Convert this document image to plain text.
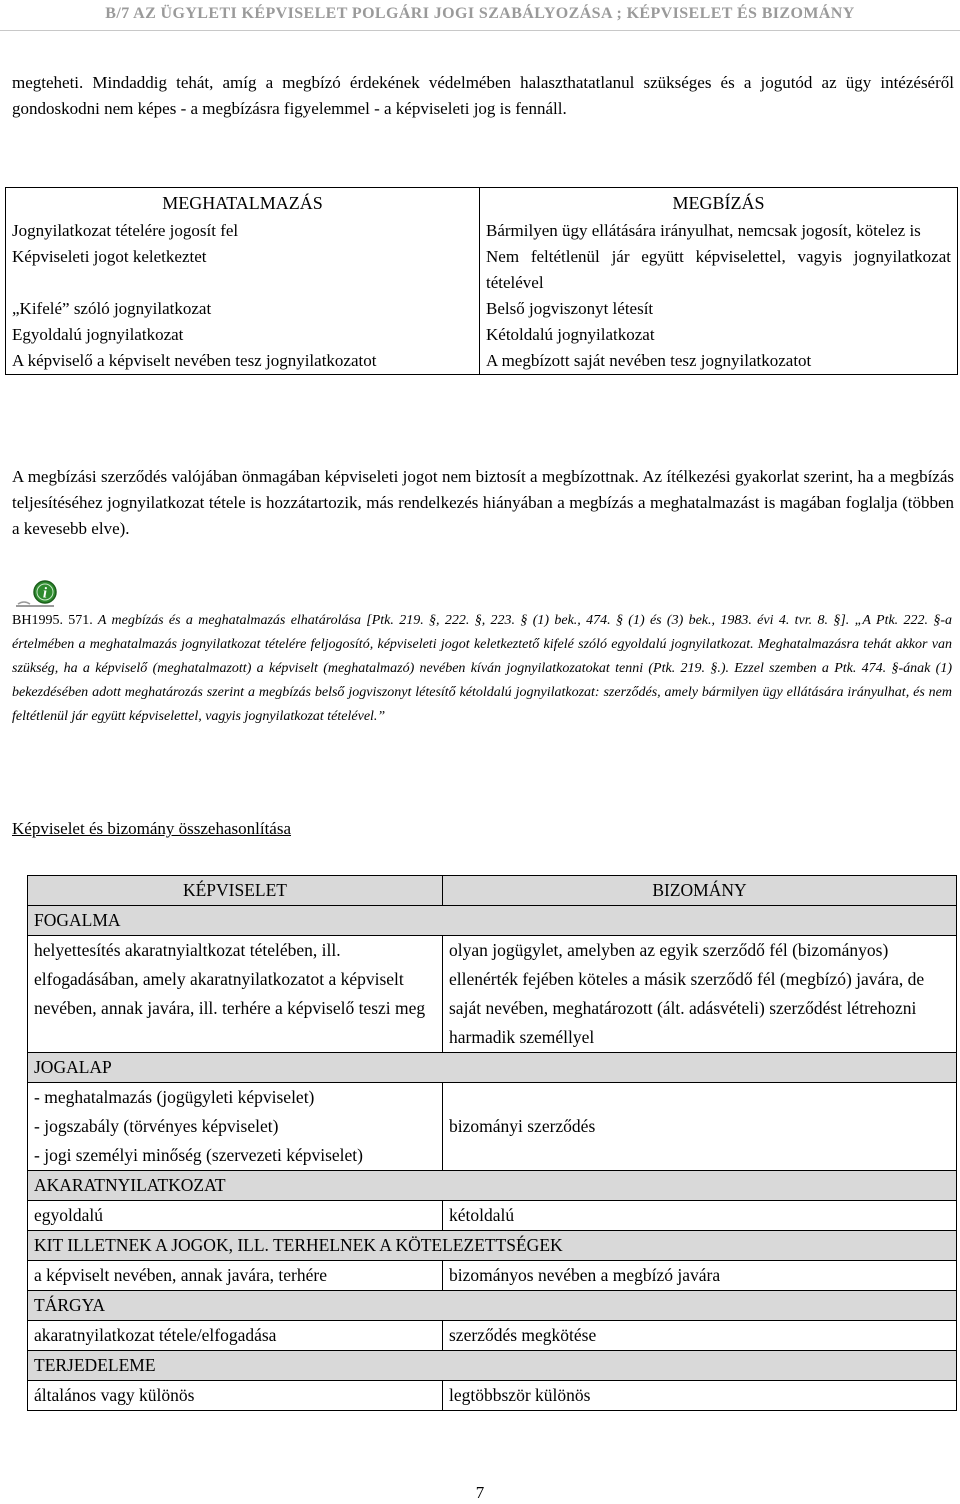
B/7 AZ ÜGYLETI KÉPVISELET POLGÁRI JOGI SZABÁLYOZÁSA ; KÉPVISELET ÉS BIZOMÁNY

megteheti. Mindaddig tehát, amíg a megbízó érdekének védelmében halaszthatatlanul szükséges és a jogutód az ügy intézéséről gondoskodni nem képes - a megbízásra figyelemmel - a képviseleti jog is fennáll.

MEGHATALMAZÁS	MEGBÍZÁS
Jognyilatkozat tételére jogosít fel	Bármilyen ügy ellátására irányulhat, nemcsak jogosít, kötelez is
Képviseleti jogot keletkeztet	Nem feltétlenül jár együtt képviselettel, vagyis jognyilatkozat tételével
„Kifelé” szóló jognyilatkozat	Belső jogviszonyt létesít
Egyoldalú jognyilatkozat	Kétoldalú jognyilatkozat
A képviselő a képviselt nevében tesz jognyilatkozatot	A megbízott saját nevében tesz jognyilatkozatot

A megbízási szerződés valójában önmagában képviseleti jogot nem biztosít a megbízottnak. Az ítélkezési gyakorlat szerint, ha a megbízás teljesítéséhez jognyilatkozat tétele is hozzátartozik, más rendelkezés hiányában a megbízás a meghatalmazást is magában foglalja (többen a kevesebb elve).

i

BH1995. 571. A megbízás és a meghatalmazás elhatárolása [Ptk. 219. §, 222. §, 223. § (1) bek., 474. § (1) és (3) bek., 1983. évi 4. tvr. 8. §]. „A Ptk. 222. §-a értelmében a meghatalmazás jognyilatkozat tételére feljogosító, képviseleti jogot keletkeztető kifelé szóló egyoldalú jognyilatkozat. Meghatalmazásra tehát akkor van szükség, ha a képviselő (meghatalmazott) a képviselt (meghatalmazó) nevében kíván jognyilatkozatokat tenni (Ptk. 219. §.). Ezzel szemben a Ptk. 474. §-ának (1) bekezdésében adott meghatározás szerint a megbízás belső jogviszonyt létesítő kétoldalú jognyilatkozat: szerződés, amely bármilyen ügy ellátására irányulhat, és nem feltétlenül jár együtt képviselettel, vagyis jognyilatkozat tételével.”

Képviselet és bizomány összehasonlítása
KÉPVISELET	BIZOMÁNY
FOGALMA	
helyettesítés akaratnyialtkozat tételében, ill. elfogadásában, amely akaratnyilatkozatot a képviselt nevében, annak javára, ill. terhére a képviselő teszi meg	olyan jogügylet, amelyben az egyik szerződő fél (bizományos) ellenérték fejében köteles a másik szerződő fél (megbízó) javára, de saját nevében, meghatározott (ált. adásvételi) szerződést létrehozni harmadik személlyel
JOGALAP	

- meghatalmazás (jogügyleti képviselet)
- jogszabály (törvényes képviselet)
- jogi személyi minőség (szervezeti képviselet)	bizományi szerződés
AKARATNYILATKOZAT	
egyoldalú	kétoldalú
KIT ILLETNEK A JOGOK, ILL. TERHELNEK A KÖTELEZETTSÉGEK	
a képviselt nevében, annak javára, terhére	bizományos nevében a megbízó javára
TÁRGYA	
akaratnyilatkozat tétele/elfogadása	szerződés megkötése
TERJEDELEME	
általános vagy különös	legtöbbször különös
7
